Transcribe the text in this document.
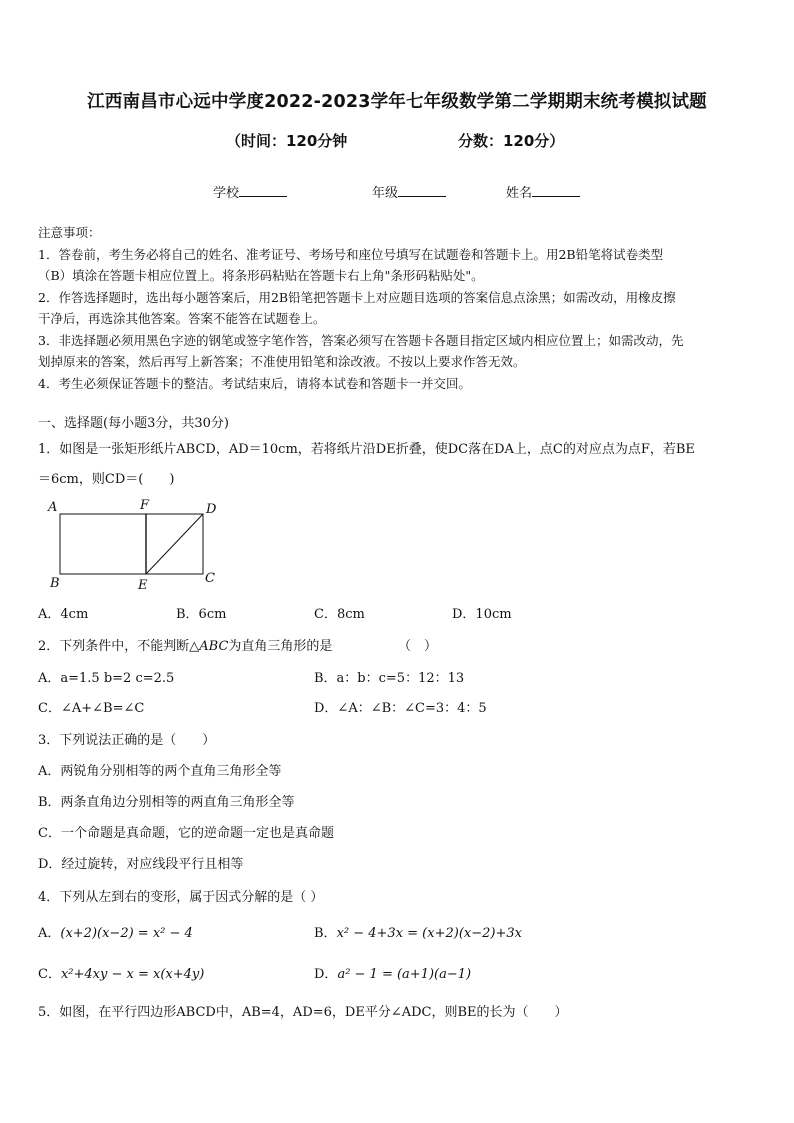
江西南昌市心远中学度2022-2023学年七年级数学第二学期期末统考模拟试题
（时间：120分钟	分数：120分）
学校	年级	姓名

注意事项：

1．答卷前，考生务必将自己的姓名、准考证号、考场号和座位号填写在试题卷和答题卡上。用2B铅笔将试卷类型

（B）填涂在答题卡相应位置上。将条形码粘贴在答题卡右上角"条形码粘贴处"。

2．作答选择题时，选出每小题答案后，用2B铅笔把答题卡上对应题目选项的答案信息点涂黑；如需改动，用橡皮擦

干净后，再选涂其他答案。答案不能答在试题卷上。

3．非选择题必须用黑色字迹的钢笔或签字笔作答，答案必须写在答题卡各题目指定区域内相应位置上；如需改动，先

划掉原来的答案，然后再写上新答案；不准使用铅笔和涂改液。不按以上要求作答无效。

4．考生必须保证答题卡的整洁。考试结束后，请将本试卷和答题卡一并交回。

一、选择题(每小题3分，共30分)
1．如图是一张矩形纸片ABCD，AD＝10cm，若将纸片沿DE折叠，使DC落在DA上，点C的对应点为点F，若BE
＝6cm，则CD＝(　　)
A	F	D
B	E	C
A．4cm	B．6cm	C．8cm	D．10cm
2．下列条件中，不能判断△ABC为直角三角形的是	（　）
A．a=1.5 b=2 c=2.5	B．a：b：c=5：12：13
C．∠A+∠B=∠C	D．∠A：∠B：∠C=3：4：5
3．下列说法正确的是（　　）
A．两锐角分别相等的两个直角三角形全等
B．两条直角边分别相等的两直角三角形全等
C．一个命题是真命题，它的逆命题一定也是真命题
D．经过旋转，对应线段平行且相等
4．下列从左到右的变形，属于因式分解的是（ ）
A．(x+2)(x−2) = x² − 4	B．x² − 4+3x = (x+2)(x−2)+3x
C．x²+4xy − x = x(x+4y)	D．a² − 1 = (a+1)(a−1)
5．如图，在平行四边形ABCD中，AB=4，AD=6，DE平分∠ADC，则BE的长为（　　）
